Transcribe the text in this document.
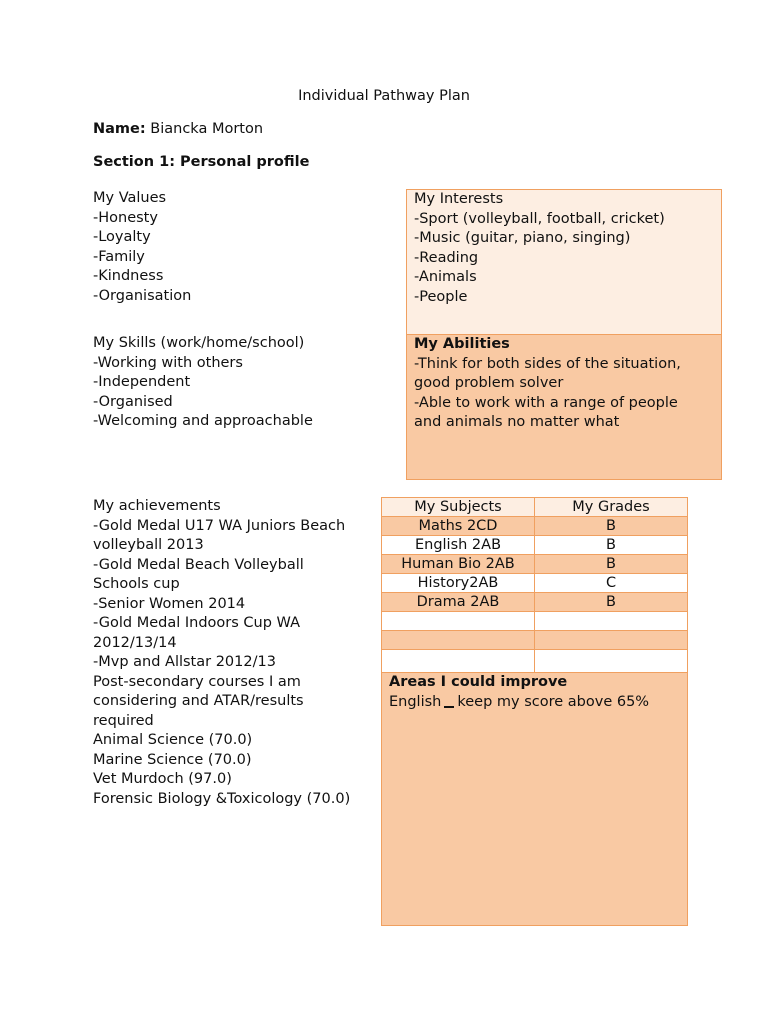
Individual Pathway Plan
Name: Biancka Morton
Section 1: Personal profile
My Values
-Honesty
-Loyalty
-Family
-Kindness
-Organisation
My Interests
-Sport (volleyball, football, cricket)
-Music (guitar, piano, singing)
-Reading
-Animals
-People
My Skills (work/home/school)
-Working with others
-Independent
-Organised
-Welcoming and approachable
My Abilities
-Think for both sides of the situation,
good problem solver
-Able to work with a range of people
and animals no matter what
My achievements
-Gold Medal U17 WA Juniors Beach
volleyball 2013
-Gold Medal Beach Volleyball
Schools cup
-Senior Women 2014
-Gold Medal Indoors Cup WA
2012/13/14
-Mvp and Allstar 2012/13
Post-secondary courses I am
considering and ATAR/results
required
Animal Science (70.0)
Marine Science (70.0)
Vet Murdoch (97.0)
Forensic Biology &Toxicology (70.0)
My Subjects	My Grades
Maths 2CD	B
English 2AB	B
Human Bio 2AB	B
History2AB	C
Drama 2AB	B

Areas I could improve
English keep my score above 65%
